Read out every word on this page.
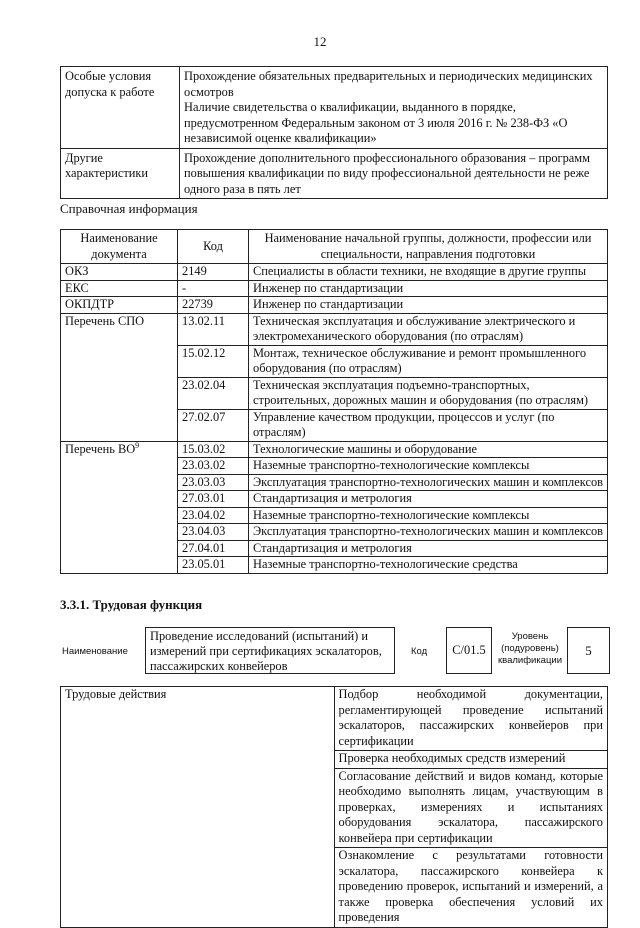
12
Особые условия допуска к работе	Прохождение обязательных предварительных и периодических медицинских осмотров
Наличие свидетельства о квалификации, выданного в порядке, предусмотренном Федеральным законом от 3 июля 2016 г. № 238-ФЗ «О независимой оценке квалификации»

Другие характеристики	Прохождение дополнительного профессионального образования – программ повышения квалификации по виду профессиональной деятельности не реже одного раза в пять лет
Справочная информация
Наименование документа	Код	Наименование начальной группы, должности, профессии или специальности, направления подготовки
ОКЗ	2149	Специалисты в области техники, не входящие в другие группы
ЕКС	-	Инженер по стандартизации
ОКПДТР	22739	Инженер по стандартизации
Перечень СПО	13.02.11	Техническая эксплуатация и обслуживание электрического и электромеханического оборудования (по отраслям)
	15.02.12	Монтаж, техническое обслуживание и ремонт промышленного оборудования (по отраслям)
	23.02.04	Техническая эксплуатация подъемно-транспортных, строительных, дорожных машин и оборудования (по отраслям)
	27.02.07	Управление качеством продукции, процессов и услуг (по отраслям)
Перечень $ВО^9$	15.03.02	Технологические машины и оборудование
	23.03.02	Наземные транспортно-технологические комплексы
	23.03.03	Эксплуатация транспортно-технологических машин и комплексов
	27.03.01	Стандартизация и метрология
	23.04.02	Наземные транспортно-технологические комплексы
	23.04.03	Эксплуатация транспортно-технологических машин и комплексов
	27.04.01	Стандартизация и метрология
	23.05.01	Наземные транспортно-технологические средства
3.3.1. Трудовая функция
Наименование
Проведение исследований (испытаний) и измерений при сертификациях эскалаторов, пассажирских конвейеров
Код	C/01.5
Уровень (подуровень) квалификации
5
Трудовые действия	Подбор необходимой документации, регламентирующей проведение испытаний эскалаторов, пассажирских конвейеров при сертификации
Проверка необходимых средств измерений
Согласование действий и видов команд, которые необходимо выполнять лицам, участвующим в проверках, измерениях и испытаниях оборудования эскалатора, пассажирского конвейера при сертификации
Ознакомление с результатами готовности эскалатора, пассажирского конвейера к проведению проверок, испытаний и измерений, а также проверка обеспечения условий их проведения
